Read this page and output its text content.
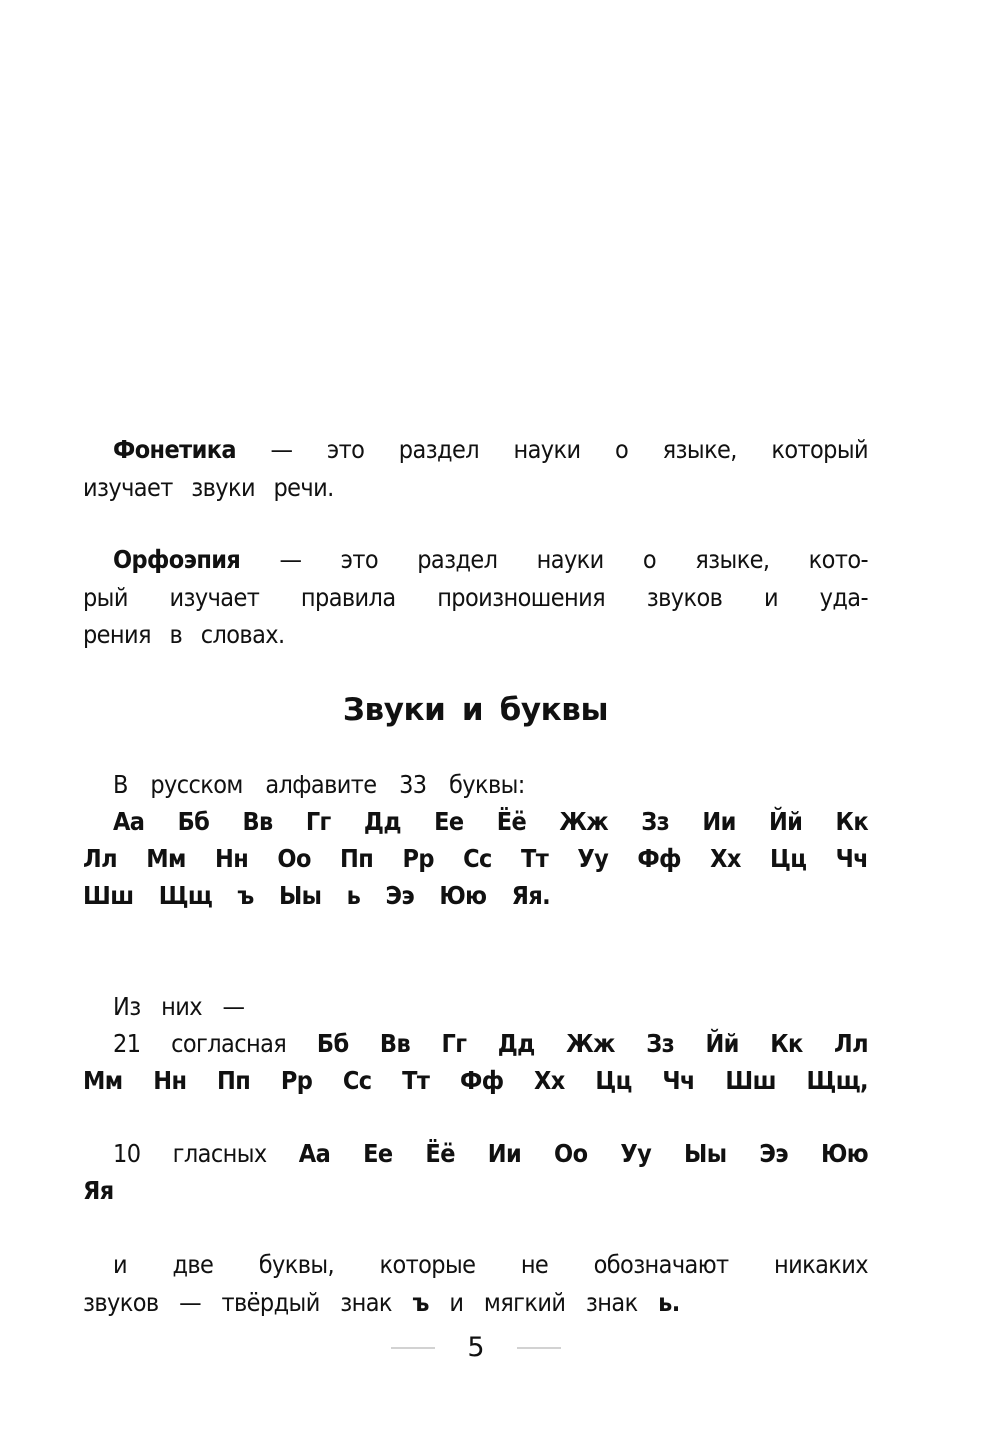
Фонетика — это раздел науки о языке, который
изучает звуки речи.
Орфоэпия — это раздел науки о языке, кото-
рый изучает правила произношения звуков и уда-
рения в словах.
Звуки и буквы
В русском алфавите 33 буквы:
Аа Бб Вв Гг Дд Ее Ёё Жж Зз Ии Йй Кк
Лл Мм Нн Оо Пп Рр Сс Тт Уу Фф Хх Цц Чч
Шш Щщ ъ Ыы ь Ээ Юю Яя.
Из них —
21 согласная Бб Вв Гг Дд Жж Зз Йй Кк Лл
Мм Нн Пп Рр Сс Тт Фф Хх Цц Чч Шш Щщ,
10 гласных Аа Ее Ёё Ии Оо Уу Ыы Ээ Юю
Яя
и две буквы, которые не обозначают никаких
звуков — твёрдый знак ъ и мягкий знак ь.
5
